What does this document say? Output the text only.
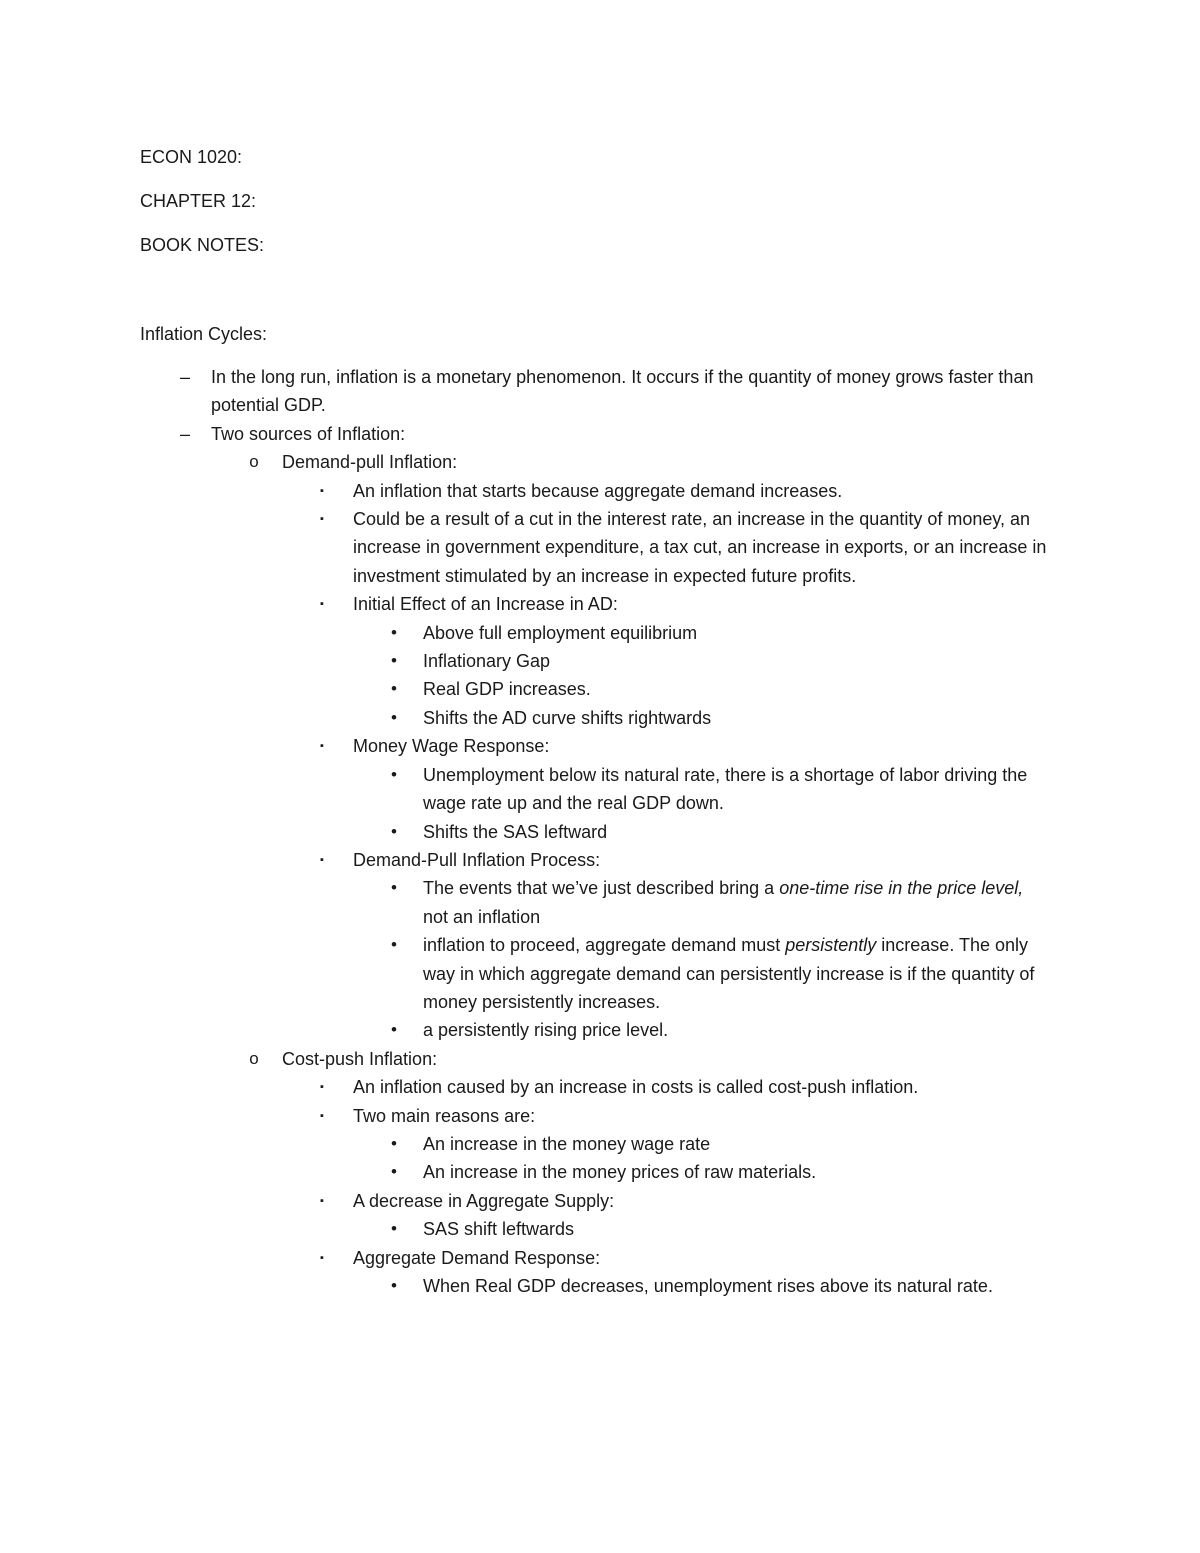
ECON 1020:
CHAPTER 12:
BOOK NOTES:
Inflation Cycles:
–	In the long run, inflation is a monetary phenomenon. It occurs if the quantity of money grows faster than potential GDP.
–	Two sources of Inflation:
o Demand-pull Inflation:
▪ An inflation that starts because aggregate demand increases.
▪ Could be a result of a cut in the interest rate, an increase in the quantity of money, an increase in government expenditure, a tax cut, an increase in exports, or an increase in investment stimulated by an increase in expected future profits.
▪ Initial Effect of an Increase in AD:
• Above full employment equilibrium
• Inflationary Gap
• Real GDP increases.
• Shifts the AD curve shifts rightwards
▪ Money Wage Response:
• Unemployment below its natural rate, there is a shortage of labor driving the wage rate up and the real GDP down.
• Shifts the SAS leftward
▪ Demand-Pull Inflation Process:
• The events that we’ve just described bring a one-time rise in the price level, not an inflation
• inflation to proceed, aggregate demand must persistently increase. The only way in which aggregate demand can persistently increase is if the quantity of money persistently increases.
• a persistently rising price level.
o Cost-push Inflation:
▪ An inflation caused by an increase in costs is called cost-push inflation.
▪ Two main reasons are:
• An increase in the money wage rate
• An increase in the money prices of raw materials.
▪ A decrease in Aggregate Supply:
• SAS shift leftwards
▪ Aggregate Demand Response:
• When Real GDP decreases, unemployment rises above its natural rate.
